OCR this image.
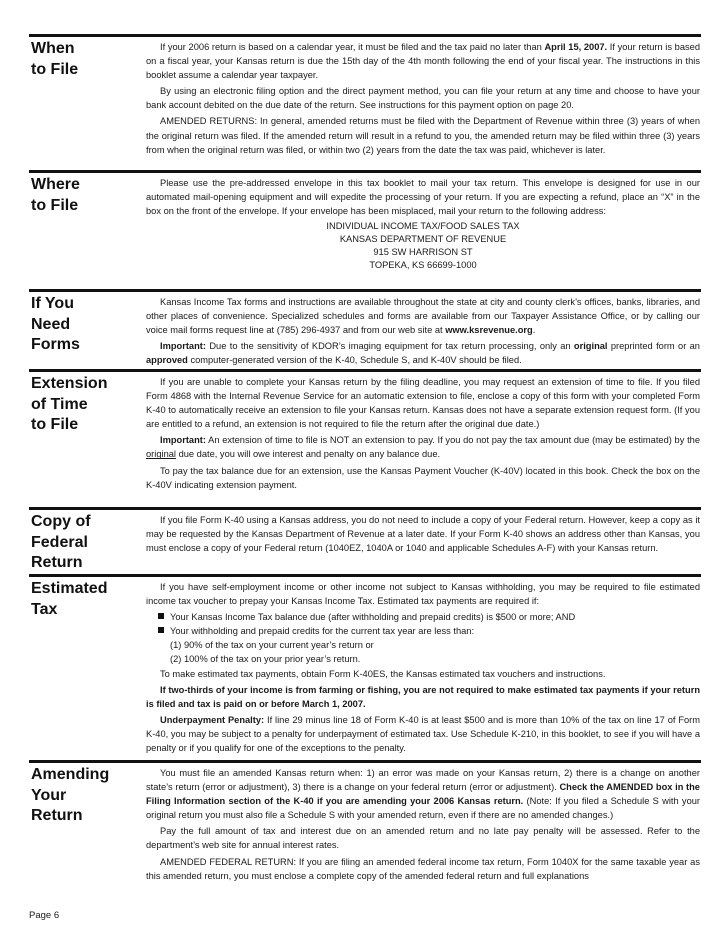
When
to File

If your 2006 return is based on a calendar year, it must be filed and the tax paid no later than April 15, 2007. If your return is based on a fiscal year, your Kansas return is due the 15th day of the 4th month following the end of your fiscal year. The instructions in this booklet assume a calendar year taxpayer.

By using an electronic filing option and the direct payment method, you can file your return at any time and choose to have your bank account debited on the due date of the return. See instructions for this payment option on page 20.

AMENDED RETURNS: In general, amended returns must be filed with the Department of Revenue within three (3) years of when the original return was filed. If the amended return will result in a refund to you, the amended return may be filed within three (3) years from when the original return was filed, or within two (2) years from the date the tax was paid, whichever is later.

Where
to File

Please use the pre-addressed envelope in this tax booklet to mail your tax return. This envelope is designed for use in our automated mail-opening equipment and will expedite the processing of your return. If you are expecting a refund, place an “X” in the box on the front of the envelope. If your envelope has been misplaced, mail your return to the following address:

INDIVIDUAL INCOME TAX/FOOD SALES TAX
KANSAS DEPARTMENT OF REVENUE
915 SW HARRISON ST
TOPEKA, KS 66699-1000
If You
Need
Forms

Kansas Income Tax forms and instructions are available throughout the state at city and county clerk’s offices, banks, libraries, and other places of convenience. Specialized schedules and forms are available from our Taxpayer Assistance Office, or by calling our voice mail forms request line at (785) 296-4937 and from our web site at www.ksrevenue.org.

Important: Due to the sensitivity of KDOR’s imaging equipment for tax return processing, only an original preprinted form or an approved computer-generated version of the K-40, Schedule S, and K-40V should be filed.

Extension
of Time
to File

If you are unable to complete your Kansas return by the filing deadline, you may request an extension of time to file. If you filed Form 4868 with the Internal Revenue Service for an automatic extension to file, enclose a copy of this form with your completed Form K-40 to automatically receive an extension to file your Kansas return. Kansas does not have a separate extension request form. (If you are entitled to a refund, an extension is not required to file the return after the original due date.)

Important: An extension of time to file is NOT an extension to pay. If you do not pay the tax amount due (may be estimated) by the original due date, you will owe interest and penalty on any balance due.

To pay the tax balance due for an extension, use the Kansas Payment Voucher (K-40V) located in this book. Check the box on the K-40V indicating extension payment.

Copy of
Federal
Return

If you file Form K-40 using a Kansas address, you do not need to include a copy of your Federal return. However, keep a copy as it may be requested by the Kansas Department of Revenue at a later date. If your Form K-40 shows an address other than Kansas, you must enclose a copy of your Federal return (1040EZ, 1040A or 1040 and applicable Schedules A-F) with your Kansas return.

Estimated
Tax

If you have self-employment income or other income not subject to Kansas withholding, you may be required to file estimated income tax voucher to prepay your Kansas Income Tax. Estimated tax payments are required if:

Your Kansas Income Tax balance due (after withholding and prepaid credits) is $500 or more; AND
Your withholding and prepaid credits for the current tax year are less than:
(1) 90% of the tax on your current year’s return or
(2) 100% of the tax on your prior year’s return.

To make estimated tax payments, obtain Form K-40ES, the Kansas estimated tax vouchers and instructions.

If two-thirds of your income is from farming or fishing, you are not required to make estimated tax payments if your return is filed and tax is paid on or before March 1, 2007.

Underpayment Penalty: If line 29 minus line 18 of Form K-40 is at least $500 and is more than 10% of the tax on line 17 of Form K-40, you may be subject to a penalty for underpayment of estimated tax. Use Schedule K-210, in this booklet, to see if you will have a penalty or if you qualify for one of the exceptions to the penalty.

Amending
Your
Return

You must file an amended Kansas return when: 1) an error was made on your Kansas return, 2) there is a change on another state’s return (error or adjustment), 3) there is a change on your federal return (error or adjustment). Check the AMENDED box in the Filing Information section of the K-40 if you are amending your 2006 Kansas return. (Note: If you filed a Schedule S with your original return you must also file a Schedule S with your amended return, even if there are no amended changes.)

Pay the full amount of tax and interest due on an amended return and no late pay penalty will be assessed. Refer to the department’s web site for annual interest rates.

AMENDED FEDERAL RETURN: If you are filing an amended federal income tax return, Form 1040X for the same taxable year as this amended return, you must enclose a complete copy of the amended federal return and full explanations

Page 6
